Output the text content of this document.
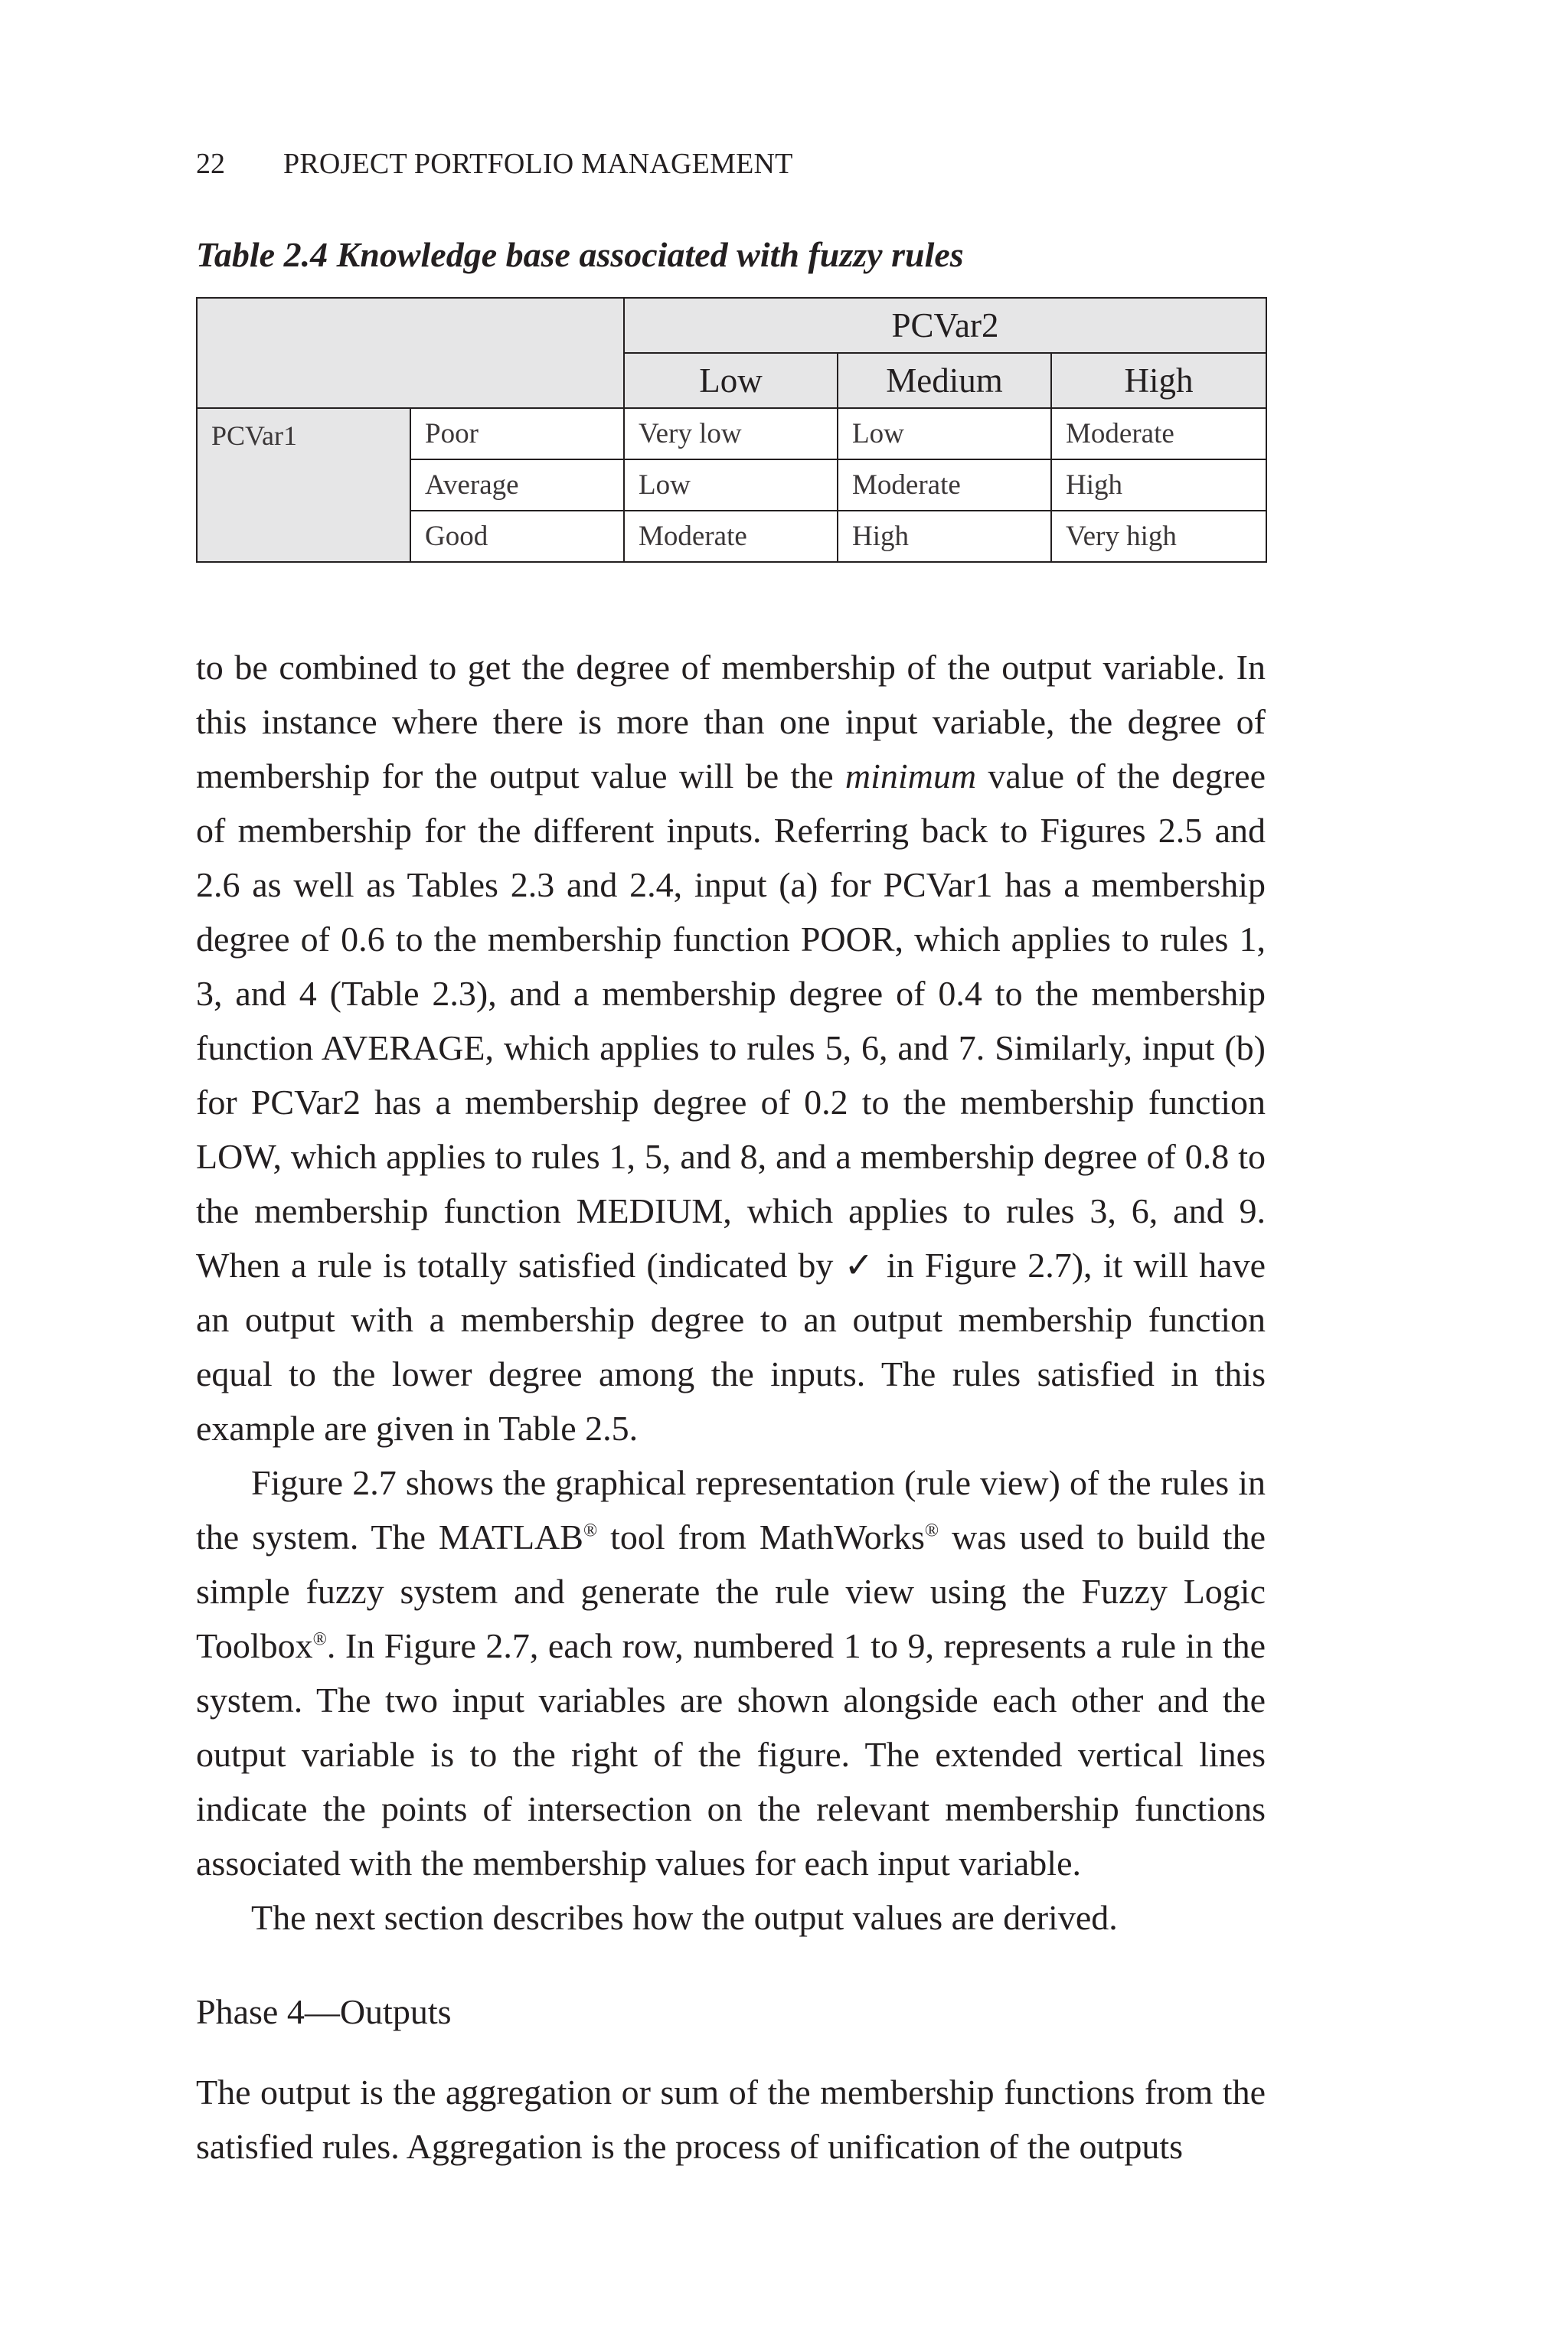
22 PROJECT PORTFOLIO MANAGEMENT
Table 2.4 Knowledge base associated with fuzzy rules
		PCVar2		
		Low	Medium	High
PCVar1	Poor	Very low	Low	Moderate
	Average	Low	Moderate	High
	Good	Moderate	High	Very high

to be combined to get the degree of membership of the output variable. In this instance where there is more than one input variable, the degree of membership for the output value will be the minimum value of the degree of membership for the different inputs. Referring back to Figures 2.5 and 2.6 as well as Tables 2.3 and 2.4, input (a) for PCVar1 has a membership degree of 0.6 to the membership function POOR, which applies to rules 1, 3, and 4 (Table 2.3), and a membership degree of 0.4 to the membership function AVERAGE, which applies to rules 5, 6, and 7. Similarly, input (b) for PCVar2 has a membership degree of 0.2 to the membership function LOW, which applies to rules 1, 5, and 8, and a membership degree of 0.8 to the membership function MEDIUM, which applies to rules 3, 6, and 9. When a rule is totally satisfied (indicated by ✓ in Figure 2.7), it will have an output with a membership degree to an output membership function equal to the lower degree among the inputs. The rules satisfied in this example are given in Table 2.5.

Figure 2.7 shows the graphical representation (rule view) of the rules in the system. The MATLAB® tool from MathWorks® was used to build the simple fuzzy system and generate the rule view using the Fuzzy Logic Toolbox®. In Figure 2.7, each row, numbered 1 to 9, represents a rule in the system. The two input variables are shown alongside each other and the output variable is to the right of the figure. The extended vertical lines indicate the points of intersection on the relevant membership functions associated with the membership values for each input variable.

The next section describes how the output values are derived.

Phase 4—Outputs

The output is the aggregation or sum of the membership functions from the satisfied rules. Aggregation is the process of unification of the outputs
